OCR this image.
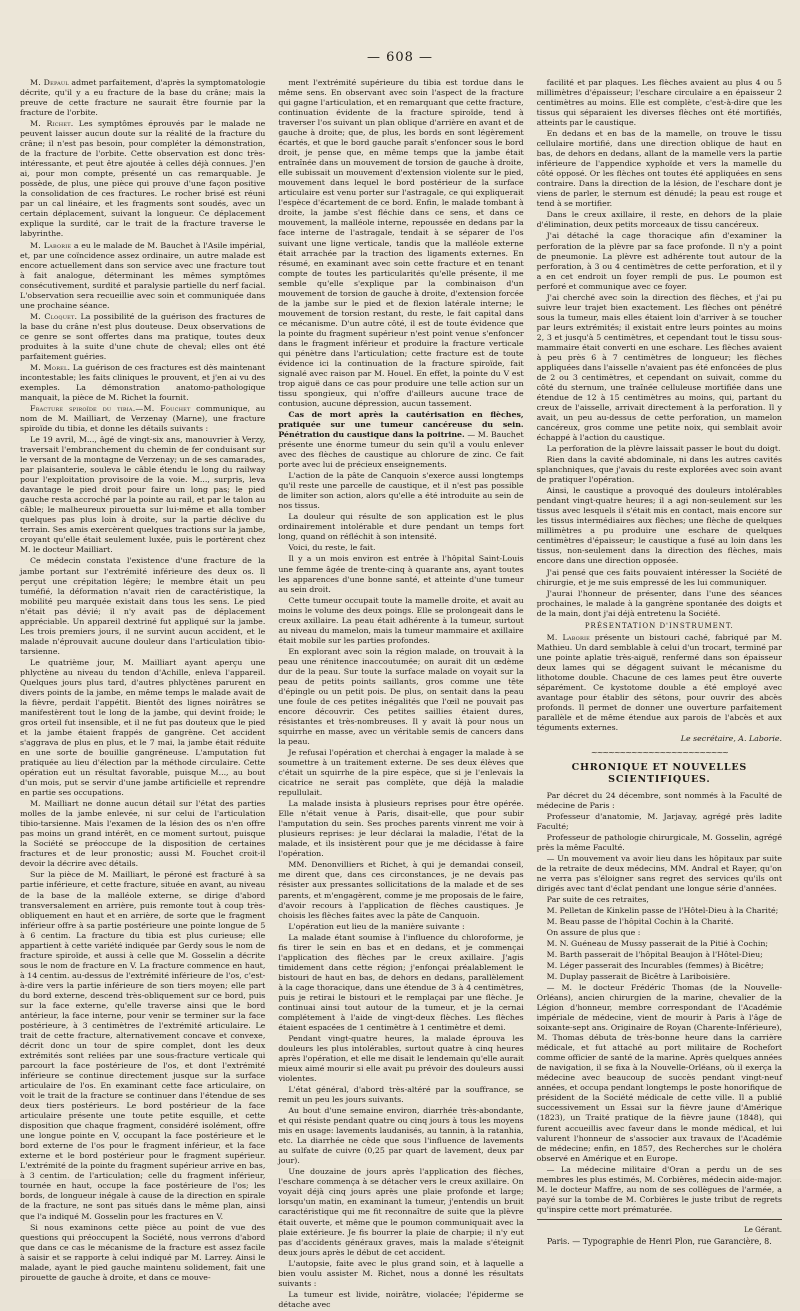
— 608 —

M. Depaul admet parfaitement, d'après la symptomatologie décrite, qu'il y a eu fracture de la base du crâne; mais la preuve de cette fracture ne saurait être fournie par la fracture de l'orbite.

M. Richet. Les symptômes éprouvés par le malade ne peuvent laisser aucun doute sur la réalité de la fracture du crâne; il n'est pas besoin, pour compléter la démonstration, de la fracture de l'orbite. Cette observation est donc très-intéressante, et peut être ajoutée à celles déjà connues. J'en ai, pour mon compte, présenté un cas remarquable. Je possède, de plus, une pièce qui prouve d'une façon positive la consolidation de ces fractures. Le rocher brisé est réuni par un cal linéaire, et les fragments sont soudés, avec un certain déplacement, suivant la longueur. Ce déplacement explique la surdité, car le trait de la fracture traverse le labyrinthe.

M. Laborie a eu le malade de M. Bauchet à l'Asile impérial, et, par une coïncidence assez ordinaire, un autre malade est encore actuellement dans son service avec une fracture tout à fait analogue, déterminant les mêmes symptômes consécutivement, surdité et paralysie partielle du nerf facial. L'observation sera recueillie avec soin et communiquée dans une prochaine séance.

M. Cloquet. La possibilité de la guérison des fractures de la base du crâne n'est plus douteuse. Deux observations de ce genre se sont offertes dans ma pratique, toutes deux produites à la suite d'une chute de cheval; elles ont été parfaitement guéries.

M. Morel. La guérison de ces fractures est dès maintenant incontestable; les faits cliniques le prouvent, et j'en ai vu des exemples. La démonstration anatomo-pathologique manquait, la pièce de M. Richet la fournit.

Fracture spiroïde du tibia.—M. Fouchet communique, au nom de M. Mailliart, de Verzenay (Marne), une fracture spiroïde du tibia, et donne les détails suivants :

Le 19 avril, M..., âgé de vingt-six ans, manouvrier à Verzy, traversait l'embranchement du chemin de fer conduisant sur le versant de la montagne de Verzenay; un de ses camarades, par plaisanterie, souleva le câble étendu le long du railway pour l'exploitation provisoire de la voie. M..., surpris, leva davantage le pied droit pour faire un long pas; le pied gauche resta accroché par la pointe au rail, et par le talon au câble; le malheureux pirouetta sur lui-même et alla tomber quelques pas plus loin à droite, sur la partie déclive du terrain. Ses amis exercèrent quelques tractions sur la jambe, croyant qu'elle était seulement luxée, puis le portèrent chez M. le docteur Mailliart.

Ce médecin constata l'existence d'une fracture de la jambe portant sur l'extrémité inférieure des deux os. Il perçut une crépitation légère; le membre était un peu tuméfié, la déformation n'avait rien de caractéristique, la mobilité peu marquée existait dans tous les sens. Le pied n'était pas dévié; il n'y avait pas de déplacement appréciable. Un appareil dextriné fut appliqué sur la jambe. Les trois premiers jours, il ne survint aucun accident, et le malade n'éprouvait aucune douleur dans l'articulation tibio-tarsienne.

Le quatrième jour, M. Mailliart ayant aperçu une phlyctène au niveau du tendon d'Achille, enleva l'appareil. Quelques jours plus tard, d'autres phlyctènes parurent en divers points de la jambe, en même temps le malade avait de la fièvre, perdait l'appétit. Bientôt des lignes noirâtres se manifestèrent tout le long de la jambe, qui devint froide; le gros orteil fut insensible, et il ne fut pas douteux que le pied et la jambe étaient frappés de gangrène. Cet accident s'aggrava de plus en plus, et le 7 mai, la jambe était réduite en une sorte de bouillie gangréneuse. L'amputation fut pratiquée au lieu d'élection par la méthode circulaire. Cette opération eut un résultat favorable, puisque M..., au bout d'un mois, put se servir d'une jambe artificielle et reprendre en partie ses occupations.

M. Mailliart ne donne aucun détail sur l'état des parties molles de la jambe enlevée, ni sur celui de l'articulation tibio-tarsienne. Mais l'examen de la lésion des os n'en offre pas moins un grand intérêt, en ce moment surtout, puisque la Société se préoccupe de la disposition de certaines fractures et de leur pronostic; aussi M. Fouchet croit-il devoir la décrire avec détails.

Sur la pièce de M. Mailliart, le péroné est fracturé à sa partie inférieure, et cette fracture, située en avant, au niveau de la base de la malléole externe, se dirige d'abord transversalement en arrière, puis remonte tout à coup très-obliquement en haut et en arrière, de sorte que le fragment inférieur offre à sa partie postérieure une pointe longue de 5 à 6 centim. La fracture du tibia est plus curieuse; elle appartient à cette variété indiquée par Gerdy sous le nom de fracture spiroïde, et aussi à celle que M. Gosselin a décrite sous le nom de fracture en V. La fracture commence en haut, à 14 centim. au-dessus de l'extrémité inférieure de l'os, c'est-à-dire vers la partie inférieure de son tiers moyen; elle part du bord externe, descend très-obliquement sur ce bord, puis sur la face externe, qu'elle traverse ainsi que le bord antérieur, la face interne, pour venir se terminer sur la face postérieure, à 3 centimètres de l'extrémité articulaire. Le trait de cette fracture, alternativement concave et convexe, décrit donc un tour de spire complet, dont les deux extrémités sont reliées par une sous-fracture verticale qui parcourt la face postérieure de l'os, et dont l'extrémité inférieure se continue directement jusque sur la surface articulaire de l'os. En examinant cette face articulaire, on voit le trait de la fracture se continuer dans l'étendue de ses deux tiers postérieurs. Le bord postérieur de la face articulaire présente une toute petite esquille, et cette disposition que chaque fragment, considéré isolément, offre une longue pointe en V, occupant la face postérieure et le bord externe de l'os pour le fragment inférieur, et la face externe et le bord postérieur pour le fragment supérieur. L'extrémité de la pointe du fragment supérieur arrive en bas, à 3 centim. de l'articulation; celle du fragment inférieur, tournée en haut, occupe la face postérieure de l'os; les bords, de longueur inégale à cause de la direction en spirale de la fracture, ne sont pas situés dans le même plan, ainsi que l'a indiqué M. Gosselin pour les fractures en V.

Si nous examinons cette pièce au point de vue des questions qui préoccupent la Société, nous verrons d'abord que dans ce cas le mécanisme de la fracture est assez facile à saisir et se rapporte à celui indiqué par M. Larrey. Ainsi le malade, ayant le pied gauche maintenu solidement, fait une pirouette de gauche à droite, et dans ce mouve-

ment l'extrémité supérieure du tibia est tordue dans le même sens. En observant avec soin l'aspect de la fracture qui gagne l'articulation, et en remarquant que cette fracture, continuation évidente de la fracture spiroïde, tend à traverser l'os suivant un plan oblique d'arrière en avant et de gauche à droite; que, de plus, les bords en sont légèrement écartés, et que le bord gauche paraît s'enfoncer sous le bord droit, je pense que, en même temps que la jambe était entraînée dans un mouvement de torsion de gauche à droite, elle subissait un mouvement d'extension violente sur le pied, mouvement dans lequel le bord postérieur de la surface articulaire est venu porter sur l'astragale, ce qui expliquerait l'espèce d'écartement de ce bord. Enfin, le malade tombant à droite, la jambe s'est fléchie dans ce sens, et dans ce mouvement, la malléole interne, repoussée en dedans par la face interne de l'astragale, tendait à se séparer de l'os suivant une ligne verticale, tandis que la malléole externe était arrachée par la traction des ligaments externes. En résumé, en examinant avec soin cette fracture et en tenant compte de toutes les particularités qu'elle présente, il me semble qu'elle s'explique par la combinaison d'un mouvement de torsion de gauche à droite, d'extension forcée de la jambe sur le pied et de flexion latérale interne; le mouvement de torsion restant, du reste, le fait capital dans ce mécanisme. D'un autre côté, il est de toute évidence que la pointe du fragment supérieur n'est point venue s'enfoncer dans le fragment inférieur et produire la fracture verticale qui pénètre dans l'articulation; cette fracture est de toute évidence ici la continuation de la fracture spiroïde, fait signalé avec raison par M. Houel. En effet, la pointe du V est trop aiguë dans ce cas pour produire une telle action sur un tissu spongieux, qui n'offre d'ailleurs aucune trace de contusion, aucune dépression, aucun tassement.

Cas de mort après la cautérisation en flèches, pratiquée sur une tumeur cancéreuse du sein. Pénétration du caustique dans la poitrine. — M. Bauchet présente une énorme tumeur du sein qu'il a voulu enlever avec des flèches de caustique au chlorure de zinc. Ce fait porte avec lui de précieux enseignements.

L'action de la pâte de Canquoin s'exerce aussi longtemps qu'il reste une parcelle de caustique, et il n'est pas possible de limiter son action, alors qu'elle a été introduite au sein de nos tissus.

La douleur qui résulte de son application est le plus ordinairement intolérable et dure pendant un temps fort long, quand on réfléchit à son intensité.

Voici, du reste, le fait.

Il y a un mois environ est entrée à l'hôpital Saint-Louis une femme âgée de trente-cinq à quarante ans, ayant toutes les apparences d'une bonne santé, et atteinte d'une tumeur au sein droit.

Cette tumeur occupait toute la mamelle droite, et avait au moins le volume des deux poings. Elle se prolongeait dans le creux axillaire. La peau était adhérente à la tumeur, surtout au niveau du mamelon, mais la tumeur mammaire et axillaire était mobile sur les parties profondes.

En explorant avec soin la région malade, on trouvait à la peau une rénitence inaccoutumée; on aurait dit un œdème dur de la peau. Sur toute la surface malade on voyait sur la peau de petits points saillants, gros comme une tête d'épingle ou un petit pois. De plus, on sentait dans la peau une foule de ces petites inégalités que l'œil ne pouvait pas encore découvrir. Ces petites saillies étaient dures, résistantes et très-nombreuses. Il y avait là pour nous un squirrhe en masse, avec un véritable semis de cancers dans la peau.

Je refusai l'opération et cherchai à engager la malade à se soumettre à un traitement externe. De ses deux élèves que c'était un squirrhe de la pire espèce, que si je l'enlevais la cicatrice ne serait pas complète, que déjà la maladie repullulait.

La malade insista à plusieurs reprises pour être opérée. Elle n'était venue à Paris, disait-elle, que pour subir l'amputation du sein. Ses proches parents vinrent me voir à plusieurs reprises: je leur déclarai la maladie, l'état de la malade, et ils insistèrent pour que je me décidasse à faire l'opération.

MM. Denonvilliers et Richet, à qui je demandai conseil, me dirent que, dans ces circonstances, je ne devais pas résister aux pressantes sollicitations de la malade et de ses parents, et m'engagèrent, comme je me proposais de le faire, d'avoir recours à l'application de flèches caustiques. Je choisis les flèches faites avec la pâte de Canquoin.

L'opération eut lieu de la manière suivante :

La malade étant soumise à l'influence du chloroforme, je fis tirer le sein en bas et en dedans, et je commençai l'application des flèches par le creux axillaire. J'agis timidement dans cette région; j'enfonçai préalablement le bistouri de haut en bas, de dehors en dedans, parallèlement à la cage thoracique, dans une étendue de 3 à 4 centimètres, puis je retirai le bistouri et le remplaçai par une flèche. Je continuai ainsi tout autour de la tumeur, et je la cernai complétement à l'aide de vingt-deux flèches. Les flèches étaient espacées de 1 centimètre à 1 centimètre et demi.

Pendant vingt-quatre heures, la malade éprouva les douleurs les plus intolérables, surtout quatre à cinq heures après l'opération, et elle me disait le lendemain qu'elle aurait mieux aimé mourir si elle avait pu prévoir des douleurs aussi violentes.

L'état général, d'abord très-altéré par la souffrance, se remit un peu les jours suivants.

Au bout d'une semaine environ, diarrhée très-abondante, et qui résiste pendant quatre ou cinq jours à tous les moyens mis en usage: lavements laudanisés, au tannin, à la ratanhia, etc. La diarrhée ne cède que sous l'influence de lavements au sulfate de cuivre (0,25 par quart de lavement, deux par jour).

Une douzaine de jours après l'application des flèches, l'eschare commença à se détacher vers le creux axillaire. On voyait déjà cinq jours après une plaie profonde et large; lorsqu'un matin, en examinant la tumeur, j'entendis un bruit caractéristique qui me fit reconnaître de suite que la plèvre était ouverte, et même que le poumon communiquait avec la plaie extérieure. Je fis bourrer la plaie de charpie; il n'y eut pas d'accidents généraux graves, mais la malade s'éteignit deux jours après le début de cet accident.

L'autopsie, faite avec le plus grand soin, et à laquelle a bien voulu assister M. Richet, nous a donné les résultats suivants :

La tumeur est livide, noirâtre, violacée; l'épiderme se détache avec

facilité et par plaques. Les flèches avaient au plus 4 ou 5 millimètres d'épaisseur; l'eschare circulaire a en épaisseur 2 centimètres au moins. Elle est complète, c'est-à-dire que les tissus qui séparaient les diverses flèches ont été mortifiés, atteints par le caustique.

En dedans et en bas de la mamelle, on trouve le tissu cellulaire mortifié, dans une direction oblique de haut en bas, de dehors en dedans, allant de la mamelle vers la partie inférieure de l'appendice xyphoïde et vers la mamelle du côté opposé. Or les flèches ont toutes été appliquées en sens contraire. Dans la direction de la lésion, de l'eschare dont je viens de parler, le sternum est dénudé; la peau est rouge et tend à se mortifier.

Dans le creux axillaire, il reste, en dehors de la plaie d'élimination, deux petits morceaux de tissu cancéreux.

J'ai détaché la cage thoracique afin d'examiner la perforation de la plèvre par sa face profonde. Il n'y a point de pneumonie. La plèvre est adhérente tout autour de la perforation, à 3 ou 4 centimètres de cette perforation, et il y a en cet endroit un foyer rempli de pus. Le poumon est perforé et communique avec ce foyer.

J'ai cherché avec soin la direction des flèches, et j'ai pu suivre leur trajet bien exactement. Les flèches ont pénétré sous la tumeur, mais elles étaient loin d'arriver à se toucher par leurs extrémités; il existait entre leurs pointes au moins 2, 3 et jusqu'à 5 centimètres, et cependant tout le tissu sous-mammaire était converti en une eschare. Les flèches avaient à peu près 6 à 7 centimètres de longueur; les flèches appliquées dans l'aisselle n'avaient pas été enfoncées de plus de 2 ou 3 centimètres, et cependant on suivait, comme du côté du sternum, une traînée celluleuse mortifiée dans une étendue de 12 à 15 centimètres au moins, qui, partant du creux de l'aisselle, arrivait directement à la perforation. Il y avait, un peu au-dessus de cette perforation, un mamelon cancéreux, gros comme une petite noix, qui semblait avoir échappé à l'action du caustique.

La perforation de la plèvre laissait passer le bout du doigt.

Rien dans la cavité abdominale, ni dans les autres cavités splanchniques, que j'avais du reste explorées avec soin avant de pratiquer l'opération.

Ainsi, le caustique a provoqué des douleurs intolérables pendant vingt-quatre heures; il a agi non-seulement sur les tissus avec lesquels il s'était mis en contact, mais encore sur les tissus intermédiaires aux flèches; une flèche de quelques millimètres a pu produire une eschare de quelques centimètres d'épaisseur; le caustique a fusé au loin dans les tissus, non-seulement dans la direction des flèches, mais encore dans une direction opposée.

J'ai pensé que ces faits pouvaient intéresser la Société de chirurgie, et je me suis empressé de les lui communiquer.

J'aurai l'honneur de présenter, dans l'une des séances prochaines, le malade à la gangrène spontanée des doigts et de la main, dont j'ai déjà entretenu la Société.

PRÉSENTATION D'INSTRUMENT.

M. Laborie présente un bistouri caché, fabriqué par M. Mathieu. Un dard semblable à celui d'un trocart, terminé par une pointe aplatie très-aiguë, renfermé dans son épaisseur deux lames qui se dégagent suivant le mécanisme du lithotome double. Chacune de ces lames peut être ouverte séparément. Ce kystotome double a été employé avec avantage pour établir des sétons, pour ouvrir des abcès profonds. Il permet de donner une ouverture parfaitement parallèle et de même étendue aux parois de l'abcès et aux téguments externes.

Le secrétaire, A. Laborie.

~~~~~~~~~~~~~~~~~~~~~~~~
CHRONIQUE ET NOUVELLES SCIENTIFIQUES.

Par décret du 24 décembre, sont nommés à la Faculté de médecine de Paris :

Professeur d'anatomie, M. Jarjavay, agrégé près ladite Faculté;

Professeur de pathologie chirurgicale, M. Gosselin, agrégé près la même Faculté.

— Un mouvement va avoir lieu dans les hôpitaux par suite de la retraite de deux médecins, MM. Andral et Rayer, qu'on ne verra pas s'éloigner sans regret des services qu'ils ont dirigés avec tant d'éclat pendant une longue série d'années.

Par suite de ces retraites,

M. Pelletan de Kinkelin passe de l'Hôtel-Dieu à la Charité;

M. Beau passe de l'hôpital Cochin à la Charité.

On assure de plus que :

M. N. Guéneau de Mussy passerait de la Pitié à Cochin;

M. Barth passerait de l'hôpital Beaujon à l'Hôtel-Dieu;

M. Léger passerait des Incurables (femmes) à Bicêtre;

M. Duplay passerait de Bicêtre à Lariboisière.

— M. le docteur Frédéric Thomas (de la Nouvelle-Orléans), ancien chirurgien de la marine, chevalier de la Légion d'honneur, membre correspondant de l'Académie impériale de médecine, vient de mourir à Paris à l'âge de soixante-sept ans. Originaire de Royan (Charente-Inférieure), M. Thomas débuta de très-bonne heure dans la carrière médicale, et fut attaché au port militaire de Rochefort comme officier de santé de la marine. Après quelques années de navigation, il se fixa à la Nouvelle-Orléans, où il exerça la médecine avec beaucoup de succès pendant vingt-neuf années, et occupa pendant longtemps le poste honorifique de président de la Société médicale de cette ville. Il a publié successivement un Essai sur la fièvre jaune d'Amérique (1823), un Traité pratique de la fièvre jaune (1848), qui furent accueillis avec faveur dans le monde médical, et lui valurent l'honneur de s'associer aux travaux de l'Académie de médecine; enfin, en 1857, des Recherches sur le choléra observé en Amérique et en Europe.

— La médecine militaire d'Oran a perdu un de ses membres les plus estimés, M. Corbières, médecin aide-major. M. le docteur Maffre, au nom de ses collègues de l'armée, a payé sur la tombe de M. Corbières le juste tribut de regrets qu'inspire cette mort prématurée.

Le Gérant.
Paris. — Typographie de Henri Plon, rue Garancière, 8.
